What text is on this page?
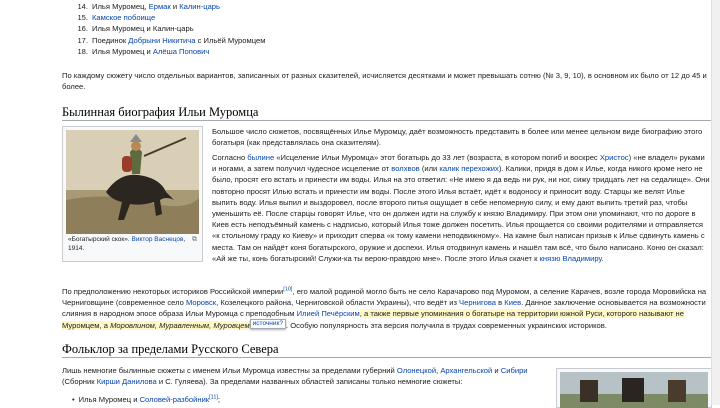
14. Илья Муромец, Ермак и Калин-царь
15. Камское побоище
16. Илья Муромец и Калин-царь
17. Поединок Добрыни Никитича с Ильёй Муромцем
18. Илья Муромец и Алёша Попович

По каждому сюжету число отдельных вариантов, записанных от разных сказителей, исчисляется десятками и может превышать сотню (№ 3, 9, 10), в основном их было от 12 до 45 и более.

Былинная биография Ильи Муромца
⧉
«Богатырский скок». Виктор Васнецов, 1914.

Большое число сюжетов, посвящённых Илье Муромцу, даёт возможность представить в более или менее цельном виде биографию этого богатыря (как представлялась она сказителям).

Согласно былине «Исцеление Ильи Муромца» этот богатырь до 33 лет (возраста, в котором погиб и воскрес Христос) «не владел» руками и ногами, а затем получил чудесное исцеление от волхвов (или калик перехожих). Калики, придя в дом к Илье, когда никого кроме него не было, просят его встать и принести им воды. Илья на это ответил: «Не имею я да ведь ни рук, ни ног, сижу тридцать лет на седалище». Они повторно просят Илью встать и принести им воды. После этого Илья встаёт, идёт к водоносу и приносит воду. Старцы же велят Илье выпить воду. Илья выпил и выздоровел, после второго питья ощущает в себе непомерную силу, и ему дают выпить третий раз, чтобы уменьшить её. После старцы говорят Илье, что он должен идти на службу к князю Владимиру. При этом они упоминают, что по дороге в Киев есть неподъёмный камень с надписью, который Илья тоже должен посетить. Илья прощается со своими родителями и отправляется «к стольному граду ко Киеву» и приходит сперва «к тому камени неподвижному». На камне был написан призыв к Илье сдвинуть камень с места. Там он найдёт коня богатырского, оружие и доспехи. Илья отодвинул камень и нашёл там всё, что было написано. Коню он сказал: «Ай же ты, конь богатырский! Служи-ка ты верою-правдою мне». После этого Илья скачет к князю Владимиру.

По предположению некоторых историков Российской империи[10], его малой родиной могло быть не село Карачарово под Муромом, а селение Карачев, возле города Моровийска на Черниговщине (современное село Моровск, Козелецкого района, Черниговской области Украины), что ведёт из Чернигова в Киев. Данное заключение основывается на возможности слияния в народном эпосе образа Ильи Муромца с преподобным Илией Печёрским, а также первые упоминания о богатыре на территории южной Руси, которого называют не Муромцем, а Моровлином, Муравленным, Муровцем источник? . Особую популярность эта версия получила в трудах современных украинских историков.

Фольклор за пределами Русского Севера

Лишь немногие былинные сюжеты с именем Ильи Муромца известны за пределами губерний Олонецкой, Архангельской и Сибири (Сборник Кирши Данилова и С. Гуляева). За пределами названных областей записаны только немногие сюжеты:

• Илья Муромец и Соловей-разбойник[11];
